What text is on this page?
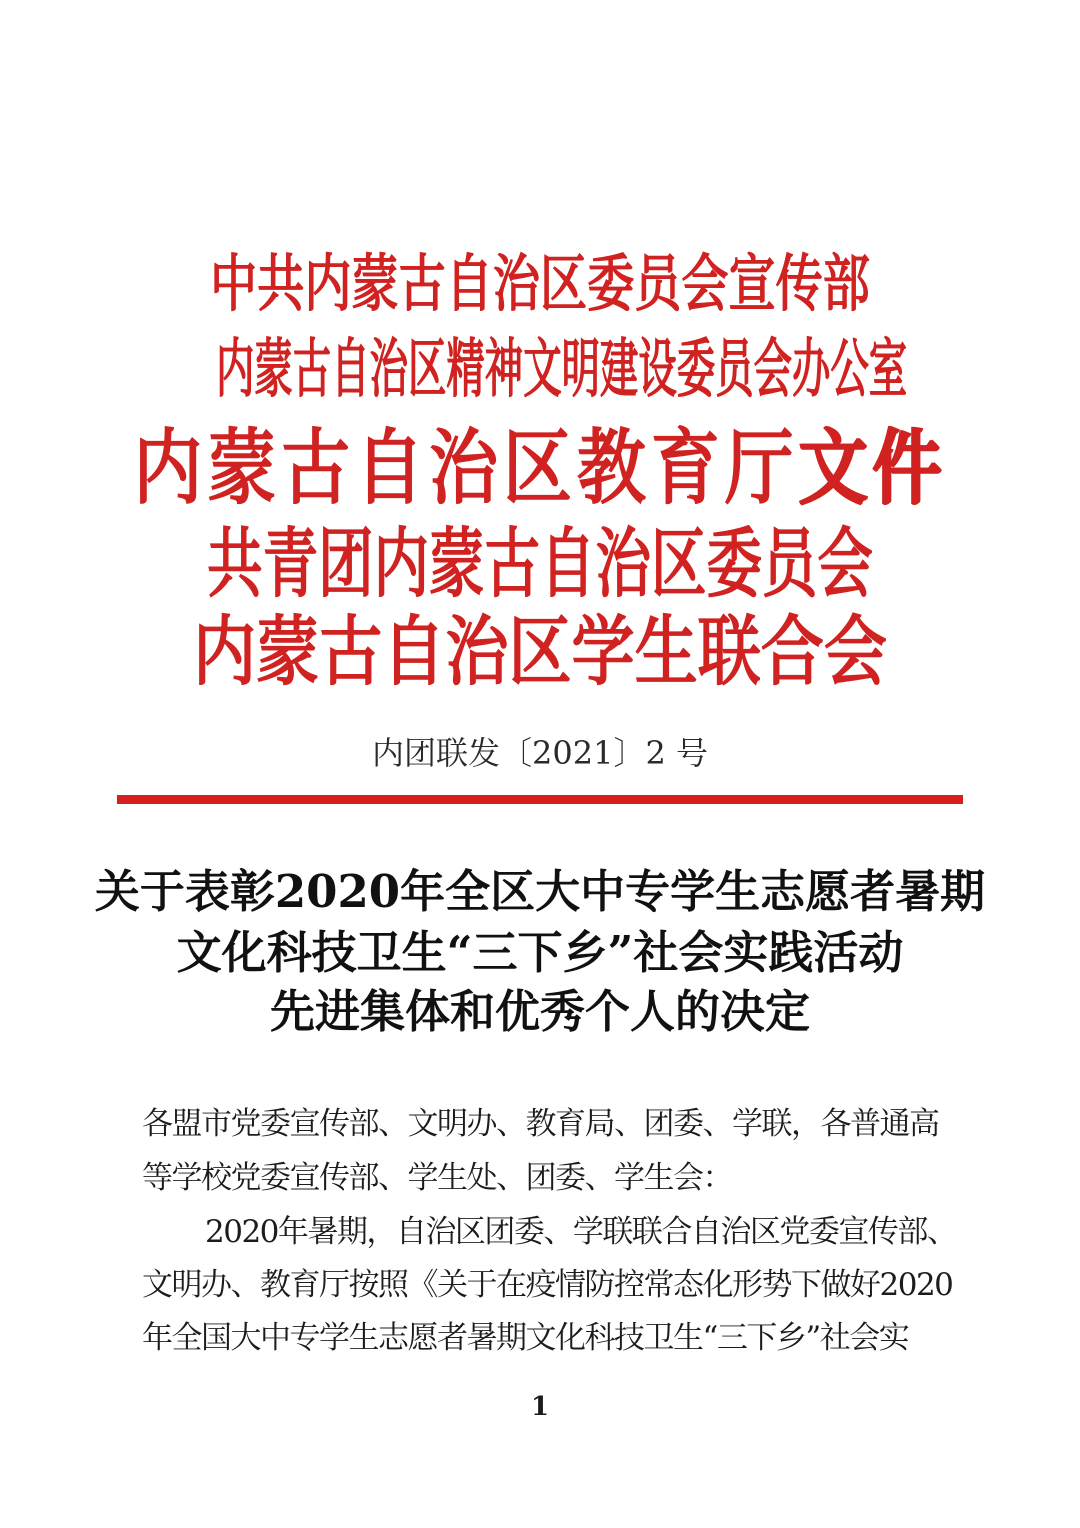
中共内蒙古自治区委员会宣传部
内蒙古自治区精神文明建设委员会办公室
内蒙古自治区教育厅文件
共青团内蒙古自治区委员会
内蒙古自治区学生联合会
内团联发〔2021〕2 号
关于表彰2020年全区大中专学生志愿者暑期
文化科技卫生“三下乡”社会实践活动
先进集体和优秀个人的决定
各盟市党委宣传部、文明办、教育局、团委、学联，各普通高
等学校党委宣传部、学生处、团委、学生会：
2020年暑期，自治区团委、学联联合自治区党委宣传部、
文明办、教育厅按照《关于在疫情防控常态化形势下做好2020
年全国大中专学生志愿者暑期文化科技卫生“三下乡”社会实
1
